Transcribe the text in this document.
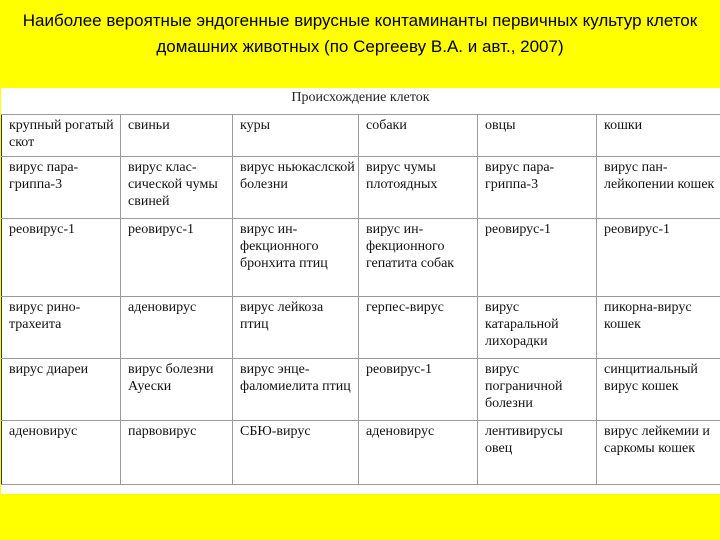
Наиболее вероятные эндогенные вирусные контаминанты первичных культур клеток домашних животных (по Сергееву В.А. и авт., 2007)
Происхождение клеток
крупный рогатый скот	свиньи	куры	собаки	овцы	кошки
вирус пара-гриппа-3	вирус клас-сической чумы свиней	вирус ньюкаслской болезни	вирус чумы плотоядных	вирус пара-гриппа-3	вирус пан-лейкопении кошек
реовирус-1	реовирус-1	вирус ин-фекционного бронхита птиц	вирус ин-фекционного гепатита собак	реовирус-1	реовирус-1
вирус рино-трахеита	аденовирус	вирус лейкоза птиц	герпес-вирус	вирус катаральной лихорадки	пикорна-вирус кошек
вирус диареи	вирус болезни Ауески	вирус энце-фаломиелита птиц	реовирус-1	вирус пограничной болезни	синцитиальный вирус кошек
аденовирус	парвовирус	СБЮ-вирус	аденовирус	лентивирусы овец	вирус лейкемии и саркомы кошек
